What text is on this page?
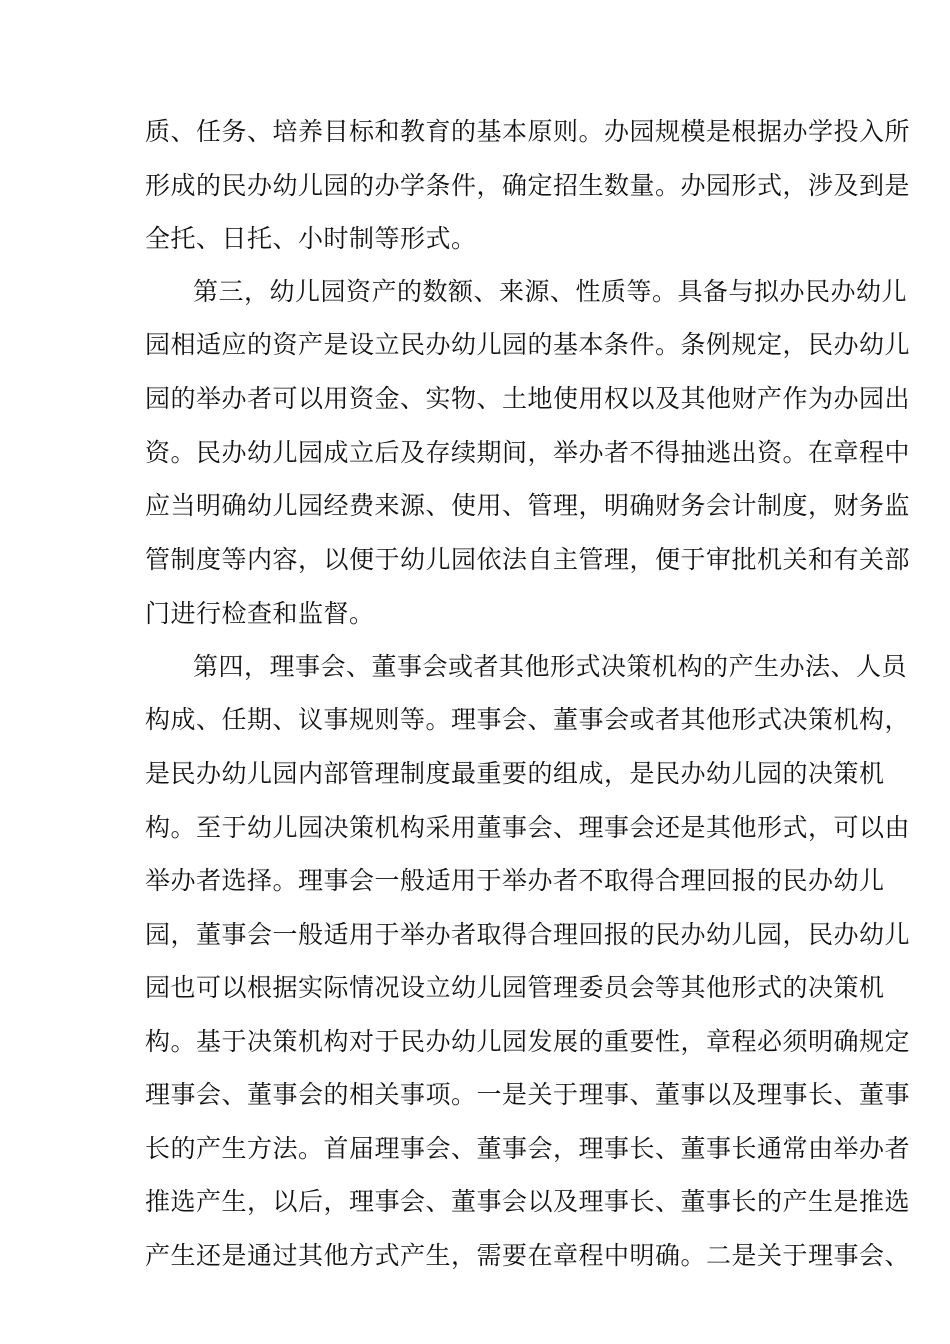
质、任务、培养目标和教育的基本原则。办园规模是根据办学投入所
形成的民办幼儿园的办学条件，确定招生数量。办园形式，涉及到是
全托、日托、小时制等形式。
第三，幼儿园资产的数额、来源、性质等。具备与拟办民办幼儿
园相适应的资产是设立民办幼儿园的基本条件。条例规定，民办幼儿
园的举办者可以用资金、实物、土地使用权以及其他财产作为办园出
资。民办幼儿园成立后及存续期间，举办者不得抽逃出资。在章程中
应当明确幼儿园经费来源、使用、管理，明确财务会计制度，财务监
管制度等内容，以便于幼儿园依法自主管理，便于审批机关和有关部
门进行检查和监督。
第四，理事会、董事会或者其他形式决策机构的产生办法、人员
构成、任期、议事规则等。理事会、董事会或者其他形式决策机构，
是民办幼儿园内部管理制度最重要的组成，是民办幼儿园的决策机
构。至于幼儿园决策机构采用董事会、理事会还是其他形式，可以由
举办者选择。理事会一般适用于举办者不取得合理回报的民办幼儿
园，董事会一般适用于举办者取得合理回报的民办幼儿园，民办幼儿
园也可以根据实际情况设立幼儿园管理委员会等其他形式的决策机
构。基于决策机构对于民办幼儿园发展的重要性，章程必须明确规定
理事会、董事会的相关事项。一是关于理事、董事以及理事长、董事
长的产生方法。首届理事会、董事会，理事长、董事长通常由举办者
推选产生，以后，理事会、董事会以及理事长、董事长的产生是推选
产生还是通过其他方式产生，需要在章程中明确。二是关于理事会、
